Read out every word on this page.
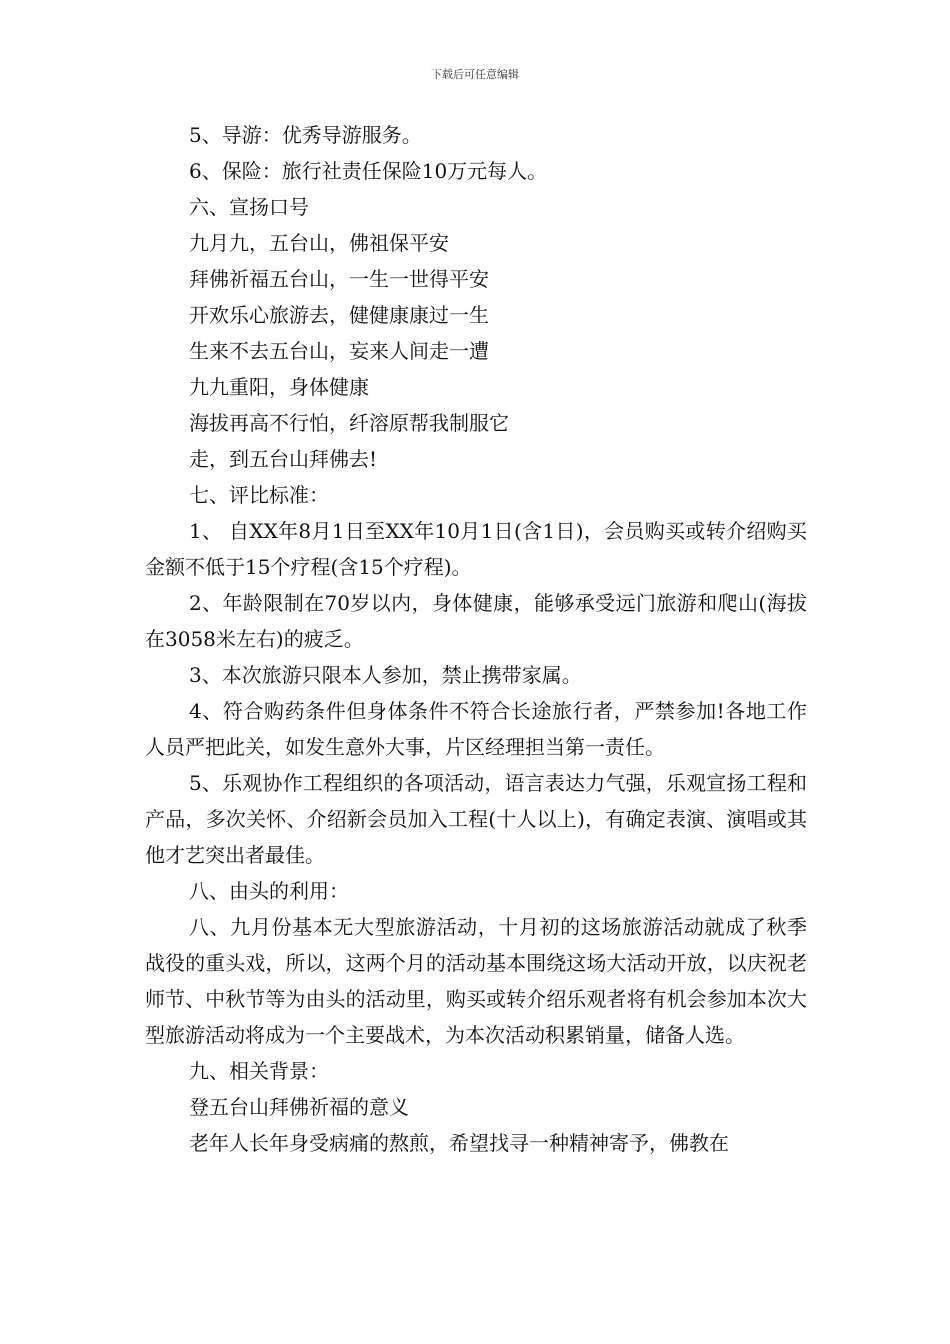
下载后可任意编辑

5、导游：优秀导游服务。

6、保险：旅行社责任保险10万元每人。

六、宣扬口号

九月九，五台山，佛祖保平安

拜佛祈福五台山，一生一世得平安

开欢乐心旅游去，健健康康过一生

生来不去五台山，妄来人间走一遭

九九重阳，身体健康

海拔再高不行怕，纤溶原帮我制服它

走，到五台山拜佛去!

七、评比标准：

1、 自XX年8月1日至XX年10月1日(含1日)，会员购买或转介绍购买金额不低于15个疗程(含15个疗程)。

2、年龄限制在70岁以内，身体健康，能够承受远门旅游和爬山(海拔在3058米左右)的疲乏。

3、本次旅游只限本人参加，禁止携带家属。

4、符合购药条件但身体条件不符合长途旅行者，严禁参加!各地工作人员严把此关，如发生意外大事，片区经理担当第一责任。

5、乐观协作工程组织的各项活动，语言表达力气强，乐观宣扬工程和产品，多次关怀、介绍新会员加入工程(十人以上)，有确定表演、演唱或其他才艺突出者最佳。

八、由头的利用：

八、九月份基本无大型旅游活动，十月初的这场旅游活动就成了秋季战役的重头戏，所以，这两个月的活动基本围绕这场大活动开放，以庆祝老师节、中秋节等为由头的活动里，购买或转介绍乐观者将有机会参加本次大型旅游活动将成为一个主要战术，为本次活动积累销量，储备人选。

九、相关背景：

登五台山拜佛祈福的意义

老年人长年身受病痛的熬煎，希望找寻一种精神寄予，佛教在
